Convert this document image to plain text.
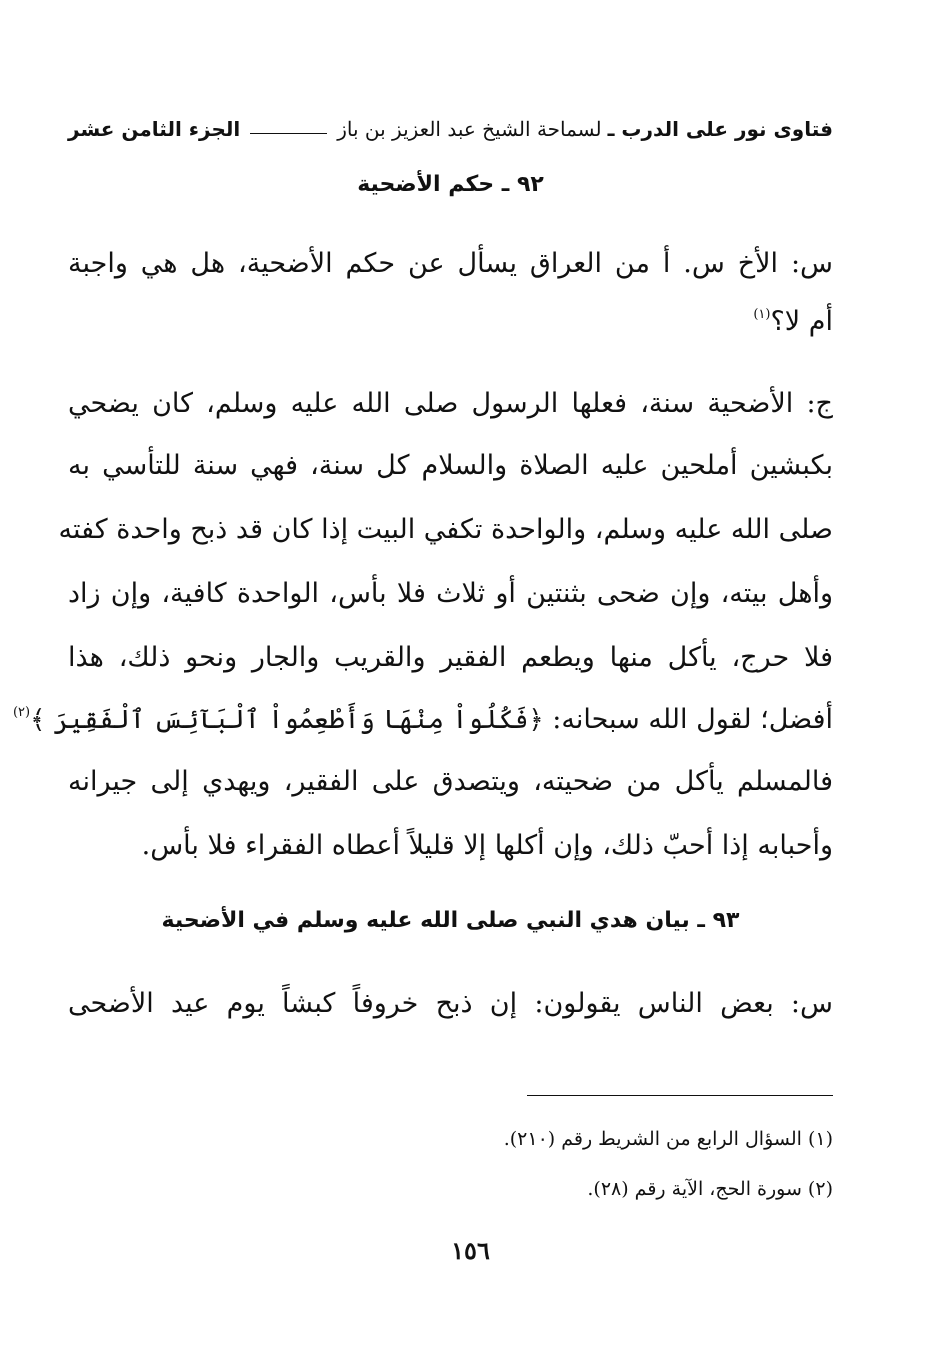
فتاوى نور على الدرب ـ
لسماحة الشيخ عبد العزيز بن باز
الجزء الثامن عشر
٩٢ ـ حكم الأضحية
س: الأخ س. أ من العراق يسأل عن حكم الأضحية، هل هي واجبة
أم لا؟$^{(١)}$
ج: الأضحية سنة، فعلها الرسول صلى الله عليه وسلم، كان يضحي
بكبشين أملحين عليه الصلاة والسلام كل سنة، فهي سنة للتأسي به
صلى الله عليه وسلم، والواحدة تكفي البيت إذا كان قد ذبح واحدة كفته
وأهل بيته، وإن ضحى بثنتين أو ثلاث فلا بأس، الواحدة كافية، وإن زاد
فلا حرج، يأكل منها ويطعم الفقير والقريب والجار ونحو ذلك، هذا
أفضل؛ لقول الله سبحانه: ﴿فَكُلُواْ مِنْهَا وَأَطْعِمُواْ ٱلْبَآئِسَ ٱلْفَقِيرَ ﴾$^{(٢)}$
فالمسلم يأكل من ضحيته، ويتصدق على الفقير، ويهدي إلى جيرانه
وأحبابه إذا أحبّ ذلك، وإن أكلها إلا قليلاً أعطاه الفقراء فلا بأس.
٩٣ ـ بيان هدي النبي صلى الله عليه وسلم في الأضحية
س: بعض الناس يقولون: إن ذبح خروفاً كبشاً يوم عيد الأضحى
(١) السؤال الرابع من الشريط رقم (٢١٠).
(٢) سورة الحج، الآية رقم (٢٨).
١٥٦
